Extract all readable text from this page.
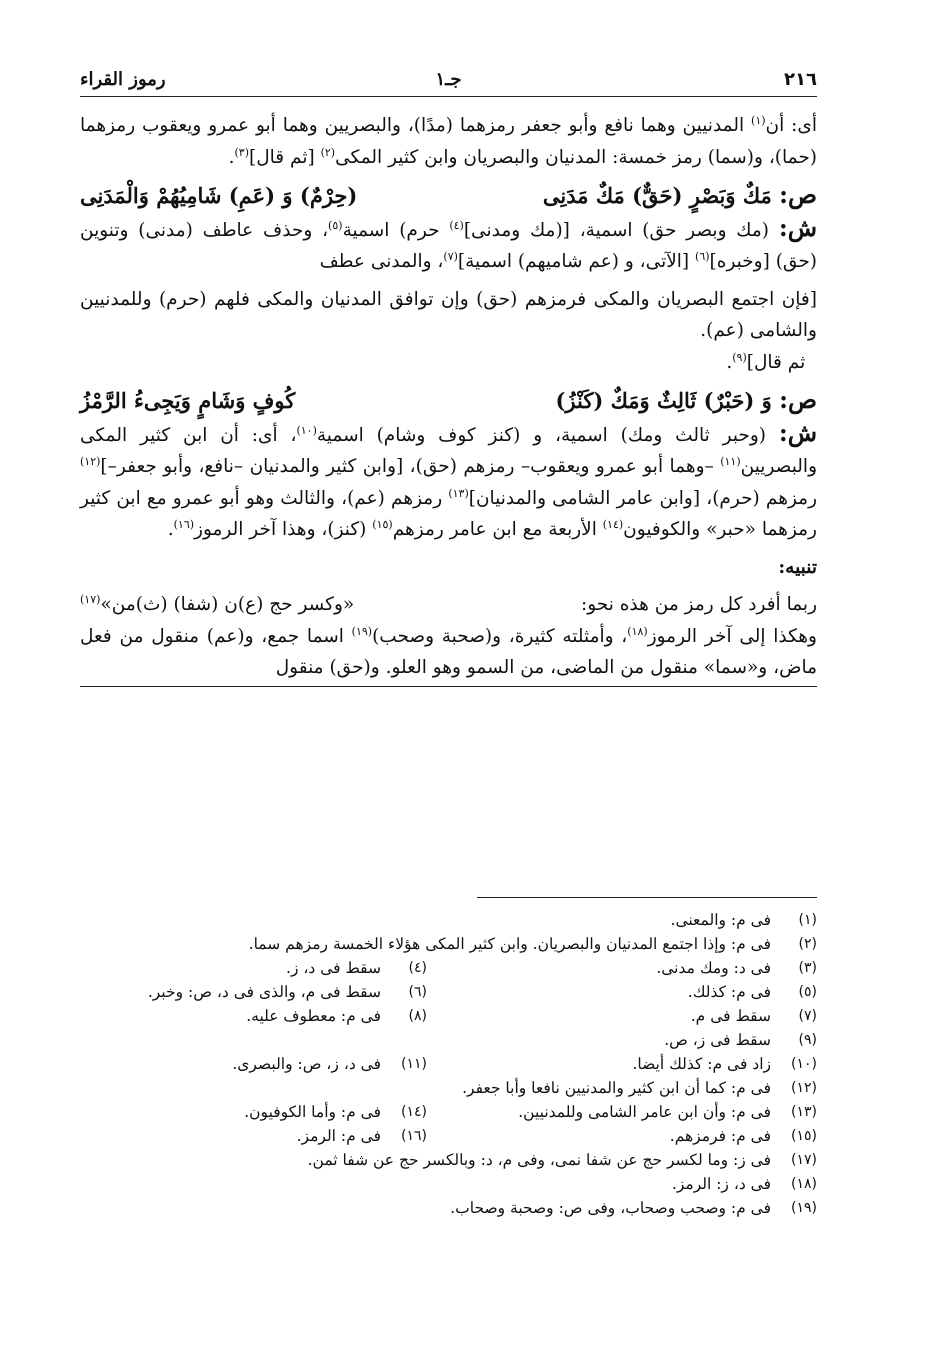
٢١٦
جـ١
رموز القراء

أى: أن$^{(١)}$ المدنيين وهما نافع وأبو جعفر رمزهما (مدًا)، والبصريين وهما أبو عمرو ويعقوب رمزهما (حما)، و(سما) رمز خمسة: المدنيان والبصريان وابن كثير المكى$^{(٢)}$ [ثم قال]$^{(٣)}$.

ص: مَكٌ وَبَصْرٍ (حَقٌّ) مَكٌ مَدَنِى
(حِرْمٌ) وَ (عَمِ) شَامِيُهُمْ وَالْمَدَنِى

ش: (مك وبصر حق) اسمية، [(مك ومدنى]$^{(٤)}$ حرم) اسمية$^{(٥)}$، وحذف عاطف (مدنى) وتنوين (حق) [وخبره]$^{(٦)}$ [الآتى، و (عم شاميهم) اسمية]$^{(٧)}$، والمدنى عطف

[فإن اجتمع البصريان والمكى فرمزهم (حق) وإن توافق المدنيان والمكى فلهم (حرم) وللمدنيين والشامى (عم).

ثم قال]$^{(٩)}$.

ص: وَ (حَبْرٌ) ثَالِثٌ وَمَكٌ (كَنْزُ)
كُوفٍ وَشَامٍ وَيَجِىءُ الرَّمْزُ

ش: (وحبر ثالث ومك) اسمية، و (كنز كوف وشام) اسمية$^{(١٠)}$، أى: أن ابن كثير المكى والبصريين$^{(١١)}$ –وهما أبو عمرو ويعقوب– رمزهم (حق)، [وابن كثير والمدنيان –نافع، وأبو جعفر–]$^{(١٢)}$ رمزهم (حرم)، [وابن عامر الشامى والمدنيان]$^{(١٣)}$ رمزهم (عم)، والثالث وهو أبو عمرو مع ابن كثير رمزهما «حبر» والكوفيون$^{(١٤)}$ الأربعة مع ابن عامر رمزهم$^{(١٥)}$ (كنز)، وهذا آخر الرموز$^{(١٦)}$.

تنبيه:

ربما أفرد كل رمز من هذه نحو:
«وكسر حج (ع)ن (شفا) (ث)من»$^{(١٧)}$

وهكذا إلى آخر الرموز$^{(١٨)}$، وأمثلته كثيرة، و(صحبة وصحب)$^{(١٩)}$ اسما جمع، و(عم) منقول من فعل ماض، و«سما» منقول من الماضى، من السمو وهو العلو. و(حق) منقول

(١)
فى م: والمعنى.
(٢)
فى م: وإذا اجتمع المدنيان والبصريان. وابن كثير المكى هؤلاء الخمسة رمزهم سما.
(٣)
فى د: ومك مدنى.
(٤)
سقط فى د، ز.
(٥)
فى م: كذلك.
(٦)
سقط فى م، والذى فى د، ص: وخبر.
(٧)
سقط فى م.
(٨)
فى م: معطوف عليه.
(٩)
سقط فى ز، ص.
(١٠)
زاد فى م: كذلك أيضا.
(١١)
فى د، ز، ص: والبصرى.
(١٢)
فى م: كما أن ابن كثير والمدنيين نافعا وأبا جعفر.
(١٣)
فى م: وأن ابن عامر الشامى وللمدنيين.
(١٤)
فى م: وأما الكوفيون.
(١٥)
فى م: فرمزهم.
(١٦)
فى م: الرمز.
(١٧)
فى ز: وما لكسر حج عن شفا نمى، وفى م، د: وبالكسر حج عن شفا ثمن.
(١٨)
فى د، ز: الرمز.
(١٩)
فى م: وصحب وصحاب، وفى ص: وصحبة وصحاب.
